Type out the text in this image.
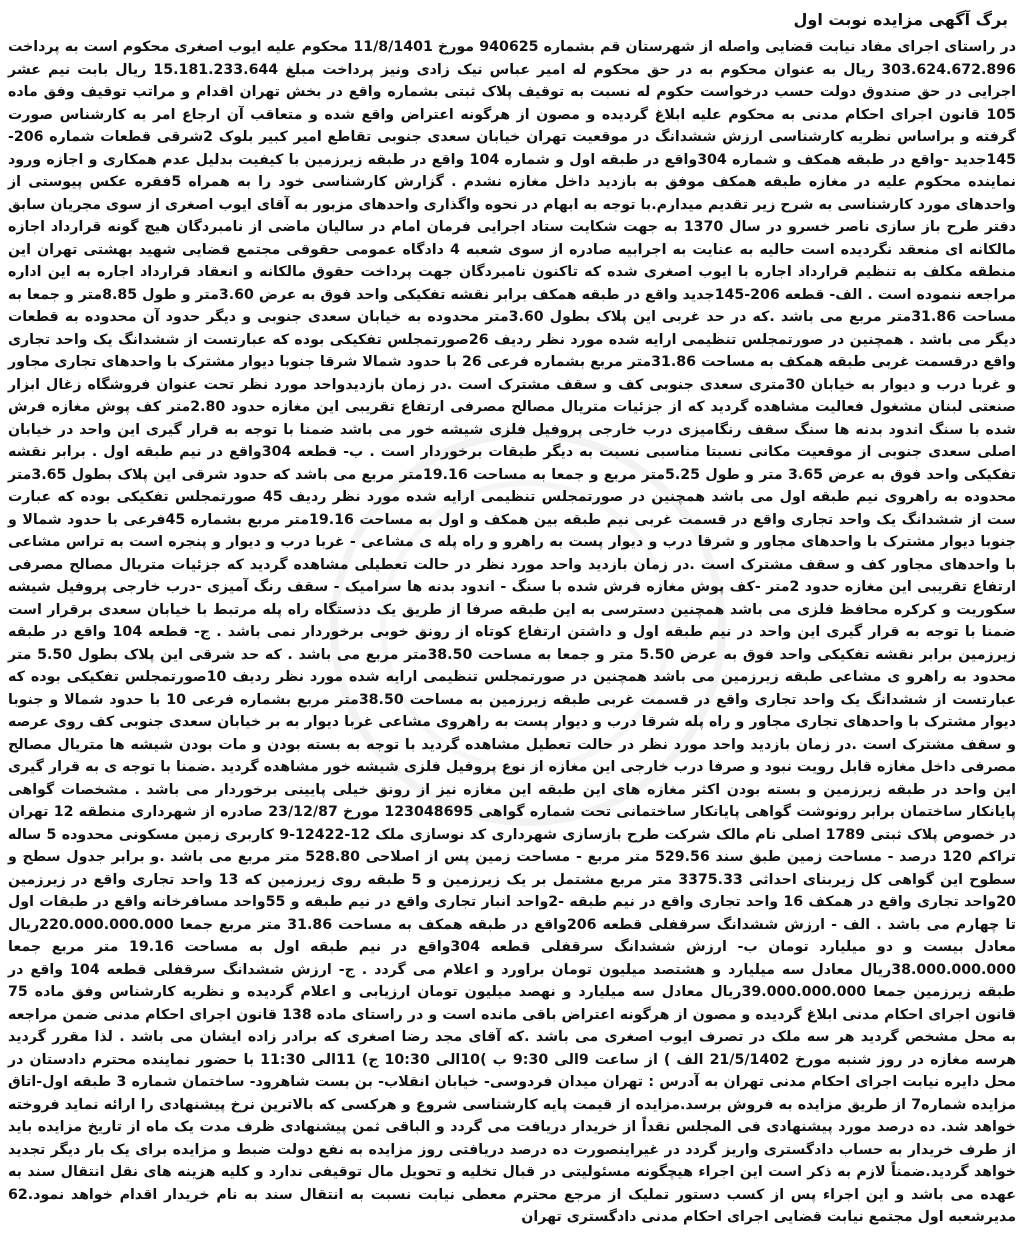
برگ آگهی مزایده نوبت اول
در راستای اجرای مفاد نیابت قضایی واصله از شهرستان قم بشماره 940625 مورخ 11/8/1401 محکوم علیه ایوب اصغری محکوم است به پرداخت 303.624.672.896 ریال به عنوان محکوم به در حق محکوم له امیر عباس نیک زادی ونیز پرداخت مبلغ 15.181.233.644 ریال بابت نیم عشر اجرایی در حق صندوق دولت حسب درخواست حکوم له نسبت به توقیف پلاک ثبتی بشماره واقع در بخش تهران اقدام و مراتب توقیف وفق ماده 105 قانون اجرای احکام مدنی به محکوم علیه ابلاغ گردیده و مصون از هرگونه اعتراض واقع شده و متعاقب آن ارجاع امر به کارشناس صورت گرفته و براساس نظریه کارشناسی ارزش ششدانگ در موقعیت تهران خیابان سعدی جنوبی تقاطع امیر کبیر بلوک 2شرقی قطعات شماره 206-145جدید -واقع در طبقه همکف و شماره 304واقع در طبقه اول و شماره 104 واقع در طبقه زیرزمین با کیفیت بدلیل عدم همکاری و اجازه ورود نماینده محکوم علیه در مغازه طبقه همکف موفق به بازدید داخل مغازه نشدم . گزارش کارشناسی خود را به همراه 5فقره عکس پیوستی از واحدهای مورد کارشناسی به شرح زیر تقدیم میدارم.با توجه به ابهام در نحوه واگذاری واحدهای مزبور به آقای ایوب اصغری از سوی مجریان سابق دفتر طرح باز سازی ناصر خسرو در سال 1370 به جهت شکایت ستاد اجرایی فرمان امام در سالیان ماضی از نامبردگان هیچ گونه قرارداد اجازه مالکانه ای منعقد نگردیده است حالیه به عنایت به اجرابیه صادره از سوی شعبه 4 دادگاه عمومی حقوقی مجتمع قضایی شهید بهشتی تهران این منطقه مکلف به تنظیم قرارداد اجاره با ایوب اصغری شده که تاکنون نامبردگان جهت پرداخت حقوق مالکانه و انعقاد قرارداد اجاره به این اداره مراجعه ننموده است . الف- قطعه 206-145جدید واقع در طبقه همکف برابر نقشه تفکیکی واحد فوق به عرض 3.60متر و طول 8.85متر و جمعا به مساحت 31.86متر مربع می باشد .که در حد غربی این پلاک بطول 3.60متر محدوده به خیابان سعدی جنوبی و دیگر حدود آن محدوده به قطعات دیگر می باشد . همچنین در صورتمجلس تنظیمی ارایه شده مورد نظر ردیف 26صورتمجلس تفکیکی بوده که عبارتست از ششدانگ یک واحد تجاری واقع درقسمت غربی طبقه همکف به مساحت 31.86متر مربع بشماره فرعی 26 با حدود شمالا شرقا جنوبا دیوار مشترک با واحدهای تجاری مجاور و غربا درب و دیوار به خیابان 30متری سعدی جنوبی کف و سقف مشترک است .در زمان بازدیدواحد مورد نظر تحت عنوان فروشگاه زغال ابزار صنعتی لبنان مشغول فعالیت مشاهده گردید که از جزئیات متریال مصالح مصرفی ارتفاع تقریبی این مغازه حدود 2.80متر کف پوش مغازه فرش شده با سنگ اندود بدنه ها سنگ سقف رنگامیزی درب خارجی پروفیل فلزی شیشه خور می باشد ضمنا با توجه به قرار گیری این واحد در خیابان اصلی سعدی جنوبی از موقعیت مکانی نسبتا مناسبی نسبت به دیگر طبقات برخوردار است . ب- قطعه 304واقع در نیم طبقه اول . برابر نقشه تفکیکی واحد فوق به عرض 3.65 متر و طول 5.25متر مربع و جمعا به مساحت 19.16متر مربع می باشد که حدود شرقی این پلاک بطول 3.65متر محدوده به راهروی نیم طبقه اول می باشد همچنین در صورتمجلس تنظیمی ارایه شده مورد نظر ردیف 45 صورتمجلس تفکیکی بوده که عبارت ست از ششدانگ یک واحد تجاری واقع در قسمت غربی نیم طبقه بین همکف و اول به مساحت 19.16متر مربع بشماره 45فرعی با حدود شمالا و جنوبا دیوار مشترک با واحدهای مجاور و شرقا درب و دیوار پست به راهرو و راه پله ی مشاعی - غربا درب و دیوار و پنجره است به تراس مشاعی با واحدهای مجاور کف و سقف مشترک است .در زمان بازدید واحد مورد نظر در حالت تعطیلی مشاهده گردید که جزئیات متریال مصالح مصرفی ارتفاع تقریبی این مغازه حدود 2متر -کف پوش مغازه فرش شده با سنگ - اندود بدنه ها سرامیک - سقف رنگ آمیزی -درب خارجی پروفیل شیشه سکوریت و کرکره محافظ فلزی می باشد همچنین دسترسی به این طبقه صرفا از طریق یک دذستگاه راه پله مرتبط با خیابان سعدی برقرار است ضمنا با توجه به قرار گیری این واحد در نیم طبقه اول و داشتن ارتفاع کوتاه از رونق خوبی برخوردار نمی باشد . ج- قطعه 104 واقع در طبقه زیرزمین برابر نقشه تفکیکی واحد فوق به عرض 5.50 متر و جمعا به مساحت 38.50متر مربع می باشد . که حد شرقی این پلاک بطول 5.50 متر محدود به راهرو ی مشاعی طبقه زیرزمین می باشد همچنین در صورتمجلس تنظیمی ارایه شده مورد نظر ردیف 10صورتمجلس تفکیکی بوده که عبارتست از ششدانگ یک واحد تجاری واقع در قسمت غربی طبقه زیرزمین به مساحت 38.50متر مربع بشماره فرعی 10 با حدود شمالا و جنوبا دیوار مشترک با واحدهای تجاری مجاور و راه پله شرقا درب و دیوار پست به راهروی مشاعی غربا دیوار به بر خیابان سعدی جنوبی کف روی عرصه و سقف مشترک است .در زمان بازدید واحد مورد نظر در حالت تعطیل مشاهده گردید با توجه به بسته بودن و مات بودن شیشه ها متریال مصالح مصرفی داخل مغازه قابل رویت نبود و صرفا درب خارجی این مغازه از نوع پروفیل فلزی شیشه خور مشاهده گردید .ضمنا با توجه ی به قرار گیری این واحد در طبقه زیرزمین و بسته بودن اکثر مغازه های این طبقه این مغازه نیز از رونق خیلی پایینی برخوردار می باشد . مشخصات گواهی پایانکار ساختمان برابر رونوشت گواهی پایانکار ساختمانی تحت شماره گواهی 123048695 مورخ 23/12/87 صادره از شهرداری منطقه 12 تهران در خصوص پلاک ثبتی 1789 اصلی نام مالک شرکت طرح بازسازی شهرداری کد نوسازی ملک 12-12422-9 کاربری زمین مسکونی محدوده 5 ساله تراکم 120 درصد - مساحت زمین طبق سند 529.56 متر مربع - مساحت زمین پس از اصلاحی 528.80 متر مربع می باشد .و برابر جدول سطح و سطوح این گواهی کل زیربنای احداثی 3375.33 متر مربع مشتمل بر یک زیرزمین و 5 طبقه روی زیرزمین که 13 واحد تجاری واقع در زیرزمین 20واحد تجاری واقع در همکف 16 واحد تجاری واقع در نیم طبقه -2واحد انبار تجاری واقع در نیم طبقه و 55واحد مسافرخانه واقع در طبقات اول تا چهارم می باشد . الف - ارزش ششدانگ سرقفلی قطعه 206واقع در طبقه همکف به مساحت 31.86 متر مربع جمعا 220.000.000.000ریال معادل بیست و دو میلیارد تومان ب- ارزش ششدانگ سرقفلی قطعه 304واقع در نیم طبقه اول به مساحت 19.16 متر مربع جمعا 38.000.000.000ریال معادل سه میلیارد و هشتصد میلیون تومان براورد و اعلام می گردد . ج- ارزش ششدانگ سرقفلی قطعه 104 واقع در طبقه زیرزمین جمعا 39.000.000.000ریال معادل سه میلیارد و نهصد میلیون تومان ارزیابی و اعلام گردیده و نظریه کارشناس وفق ماده 75 قانون اجرای احکام مدنی ابلاغ گردیده و مصون از هرگونه اعتراض باقی مانده است و در راستای ماده 138 قانون اجرای احکام مدنی ضمن مراجعه به محل مشخص گردید هر سه ملک در تصرف ایوب اصغری می باشد .که آقای مجد رضا اصغری که برادر زاده ایشان می باشد . لذا مقرر گردید هرسه مغازه در روز شنبه مورخ 21/5/1402 الف ) از ساعت 9الی 9:30 ب )10الی 10:30 ج) 11الی 11:30 با حضور نماینده محترم دادستان در محل دایره نیابت اجرای احکام مدنی تهران به آدرس : تهران میدان فردوسی- خیابان انقلاب- بن بست شاهرود- ساختمان شماره 3 طبقه اول-اتاق مزایده شماره7 از طریق مزایده به فروش برسد.مزایده از قیمت پایه کارشناسی شروع و هرکسی که بالاترین نرخ پیشنهادی را ارائه نماید فروخته خواهد شد. ده درصد مورد پیشنهادی فی المجلس نقداً از خریدار دریافت می گردد و الباقی ثمن پیشنهادی ظرف مدت یک ماه از تاریخ مزایده باید از طرف خریدار به حساب دادگستری واریز گردد در غیراینصورت ده درصد دریافتی روز مزایده به نفع دولت ضبط و مزایده برای یک بار دیگر تجدید خواهد گردید.ضمناً لازم به ذکر است این اجراء هیچگونه مسئولیتی در قبال تخلیه و تحویل مال توقیفی ندارد و کلیه هزینه های نقل انتقال سند به عهده می باشد و این اجراء پس از کسب دستور تملیک از مرجع محترم معطی نیابت نسبت به انتقال سند به نام خریدار اقدام خواهد نمود.62 مدیرشعبه اول مجتمع نیابت قضایی اجرای احکام مدنی دادگستری تهران
